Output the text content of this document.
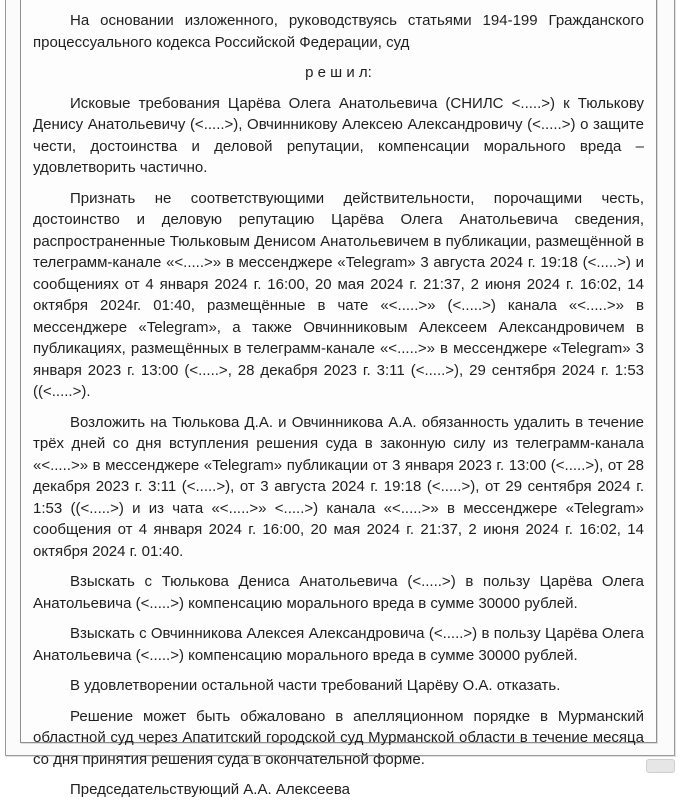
На основании изложенного, руководствуясь статьями 194-199 Гражданского процессуального кодекса Российской Федерации, суд

р е ш и л:

Исковые требования Царёва Олега Анатольевича (СНИЛС <.....>) к Тюлькову Денису Анатольевичу (<.....>), Овчинникову Алексею Александровичу (<.....>) о защите чести, достоинства и деловой репутации, компенсации морального вреда – удовлетворить частично.

Признать не соответствующими действительности, порочащими честь, достоинство и деловую репутацию Царёва Олега Анатольевича сведения, распространенные Тюльковым Денисом Анатольевичем в публикации, размещённой в телеграмм-канале «<.....>» в мессенджере «Telegram» 3 августа 2024 г. 19:18 (<.....>) и сообщениях от 4 января 2024 г. 16:00, 20 мая 2024 г. 21:37, 2 июня 2024 г. 16:02, 14 октября 2024г. 01:40, размещённые в чате «<.....>» (<.....>) канала «<.....>» в мессенджере «Telegram», а также Овчинниковым Алексеем Александровичем в публикациях, размещённых в телеграмм-канале «<.....>» в мессенджере «Telegram» 3 января 2023 г. 13:00 (<.....>, 28 декабря 2023 г. 3:11 (<.....>), 29 сентября 2024 г. 1:53 ((<.....>).

Возложить на Тюлькова Д.А. и Овчинникова А.А. обязанность удалить в течение трёх дней со дня вступления решения суда в законную силу из телеграмм-канала «<.....>» в мессенджере «Telegram» публикации от 3 января 2023 г. 13:00 (<.....>), от 28 декабря 2023 г. 3:11 (<.....>), от 3 августа 2024 г. 19:18 (<.....>), от 29 сентября 2024 г. 1:53 ((<.....>) и из чата «<.....>» <.....>) канала «<.....>» в мессенджере «Telegram» сообщения от 4 января 2024 г. 16:00, 20 мая 2024 г. 21:37, 2 июня 2024 г. 16:02, 14 октября 2024 г. 01:40.

Взыскать с Тюлькова Дениса Анатольевича (<.....>) в пользу Царёва Олега Анатольевича (<.....>) компенсацию морального вреда в сумме 30000 рублей.

Взыскать с Овчинникова Алексея Александровича (<.....>) в пользу Царёва Олега Анатольевича (<.....>) компенсацию морального вреда в сумме 30000 рублей.

В удовлетворении остальной части требований Царёву О.А. отказать.

Решение может быть обжаловано в апелляционном порядке в Мурманский областной суд через Апатитский городской суд Мурманской области в течение месяца со дня принятия решения суда в окончательной форме.

Председательствующий А.А. Алексеева
